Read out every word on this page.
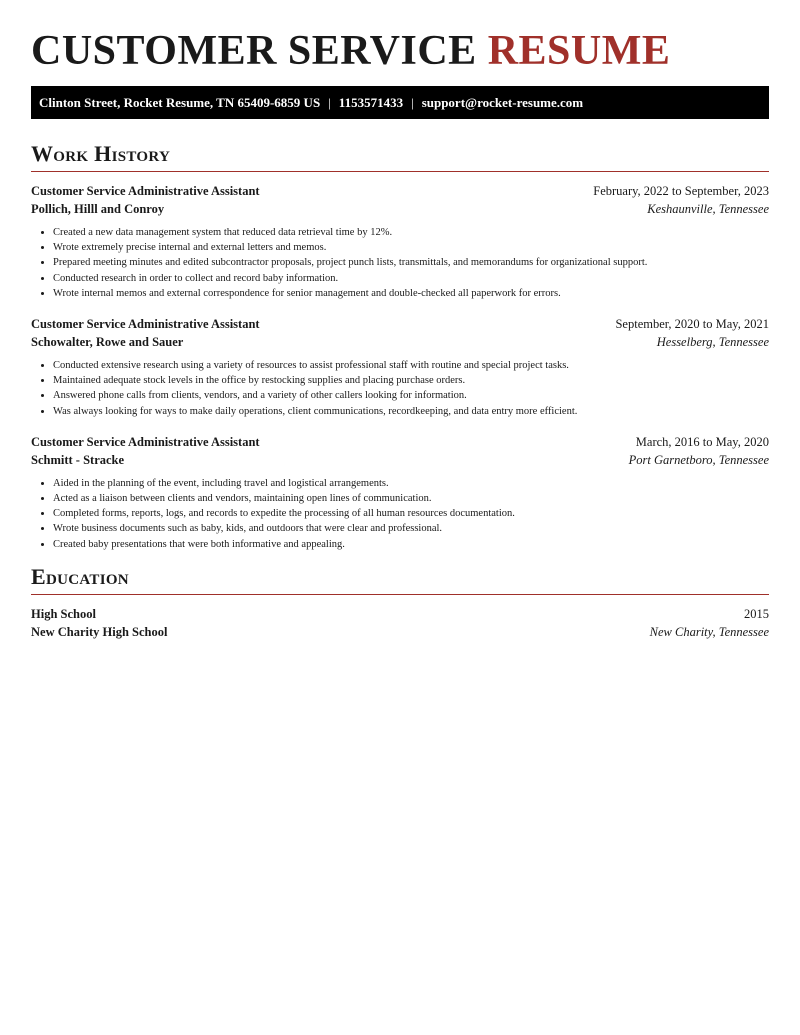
CUSTOMER SERVICE RESUME
Clinton Street, Rocket Resume, TN 65409-6859 US | 1153571433 | support@rocket-resume.com
Work History
Customer Service Administrative Assistant	February, 2022 to September, 2023
Pollich, Hilll and Conroy	Keshaunville, Tennessee
• Created a new data management system that reduced data retrieval time by 12%.
• Wrote extremely precise internal and external letters and memos.
• Prepared meeting minutes and edited subcontractor proposals, project punch lists, transmittals, and memorandums for organizational support.
• Conducted research in order to collect and record baby information.
• Wrote internal memos and external correspondence for senior management and double-checked all paperwork for errors.
Customer Service Administrative Assistant	September, 2020 to May, 2021
Schowalter, Rowe and Sauer	Hesselberg, Tennessee
• Conducted extensive research using a variety of resources to assist professional staff with routine and special project tasks.
• Maintained adequate stock levels in the office by restocking supplies and placing purchase orders.
• Answered phone calls from clients, vendors, and a variety of other callers looking for information.
• Was always looking for ways to make daily operations, client communications, recordkeeping, and data entry more efficient.
Customer Service Administrative Assistant	March, 2016 to May, 2020
Schmitt - Stracke	Port Garnetboro, Tennessee
• Aided in the planning of the event, including travel and logistical arrangements.
• Acted as a liaison between clients and vendors, maintaining open lines of communication.
• Completed forms, reports, logs, and records to expedite the processing of all human resources documentation.
• Wrote business documents such as baby, kids, and outdoors that were clear and professional.
• Created baby presentations that were both informative and appealing.
Education
High School	2015
New Charity High School	New Charity, Tennessee
